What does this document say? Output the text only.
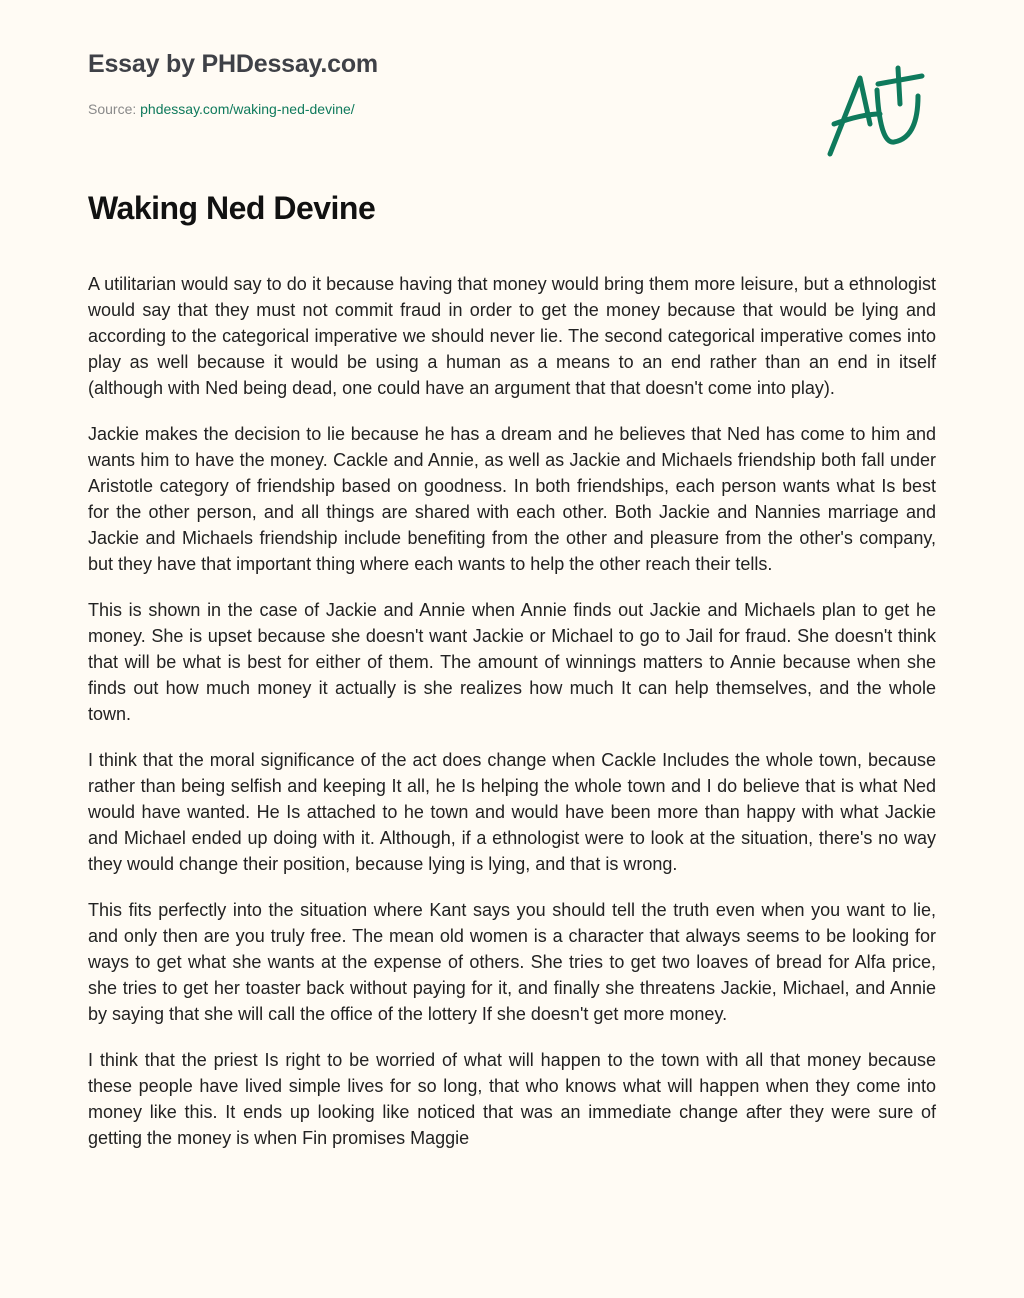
Essay by PHDessay.com
Source: phdessay.com/waking-ned-devine/
Waking Ned Devine

A utilitarian would say to do it because having that money would bring them more leisure, but a ethnologist would say that they must not commit fraud in order to get the money because that would be lying and according to the categorical imperative we should never lie. The second categorical imperative comes into play as well because it would be using a human as a means to an end rather than an end in itself (although with Ned being dead, one could have an argument that that doesn't come into play).

Jackie makes the decision to lie because he has a dream and he believes that Ned has come to him and wants him to have the money. Cackle and Annie, as well as Jackie and Michaels friendship both fall under Aristotle category of friendship based on goodness. In both friendships, each person wants what Is best for the other person, and all things are shared with each other. Both Jackie and Nannies marriage and Jackie and Michaels friendship include benefiting from the other and pleasure from the other's company, but they have that important thing where each wants to help the other reach their tells.

This is shown in the case of Jackie and Annie when Annie finds out Jackie and Michaels plan to get he money. She is upset because she doesn't want Jackie or Michael to go to Jail for fraud. She doesn't think that will be what is best for either of them. The amount of winnings matters to Annie because when she finds out how much money it actually is she realizes how much It can help themselves, and the whole town.

I think that the moral significance of the act does change when Cackle Includes the whole town, because rather than being selfish and keeping It all, he Is helping the whole town and I do believe that is what Ned would have wanted. He Is attached to he town and would have been more than happy with what Jackie and Michael ended up doing with it. Although, if a ethnologist were to look at the situation, there's no way they would change their position, because lying is lying, and that is wrong.

This fits perfectly into the situation where Kant says you should tell the truth even when you want to lie, and only then are you truly free. The mean old women is a character that always seems to be looking for ways to get what she wants at the expense of others. She tries to get two loaves of bread for Alfa price, she tries to get her toaster back without paying for it, and finally she threatens Jackie, Michael, and Annie by saying that she will call the office of the lottery If she doesn't get more money.

I think that the priest Is right to be worried of what will happen to the town with all that money because these people have lived simple lives for so long, that who knows what will happen when they come into money like this. It ends up looking like noticed that was an immediate change after they were sure of getting the money is when Fin promises Maggie
